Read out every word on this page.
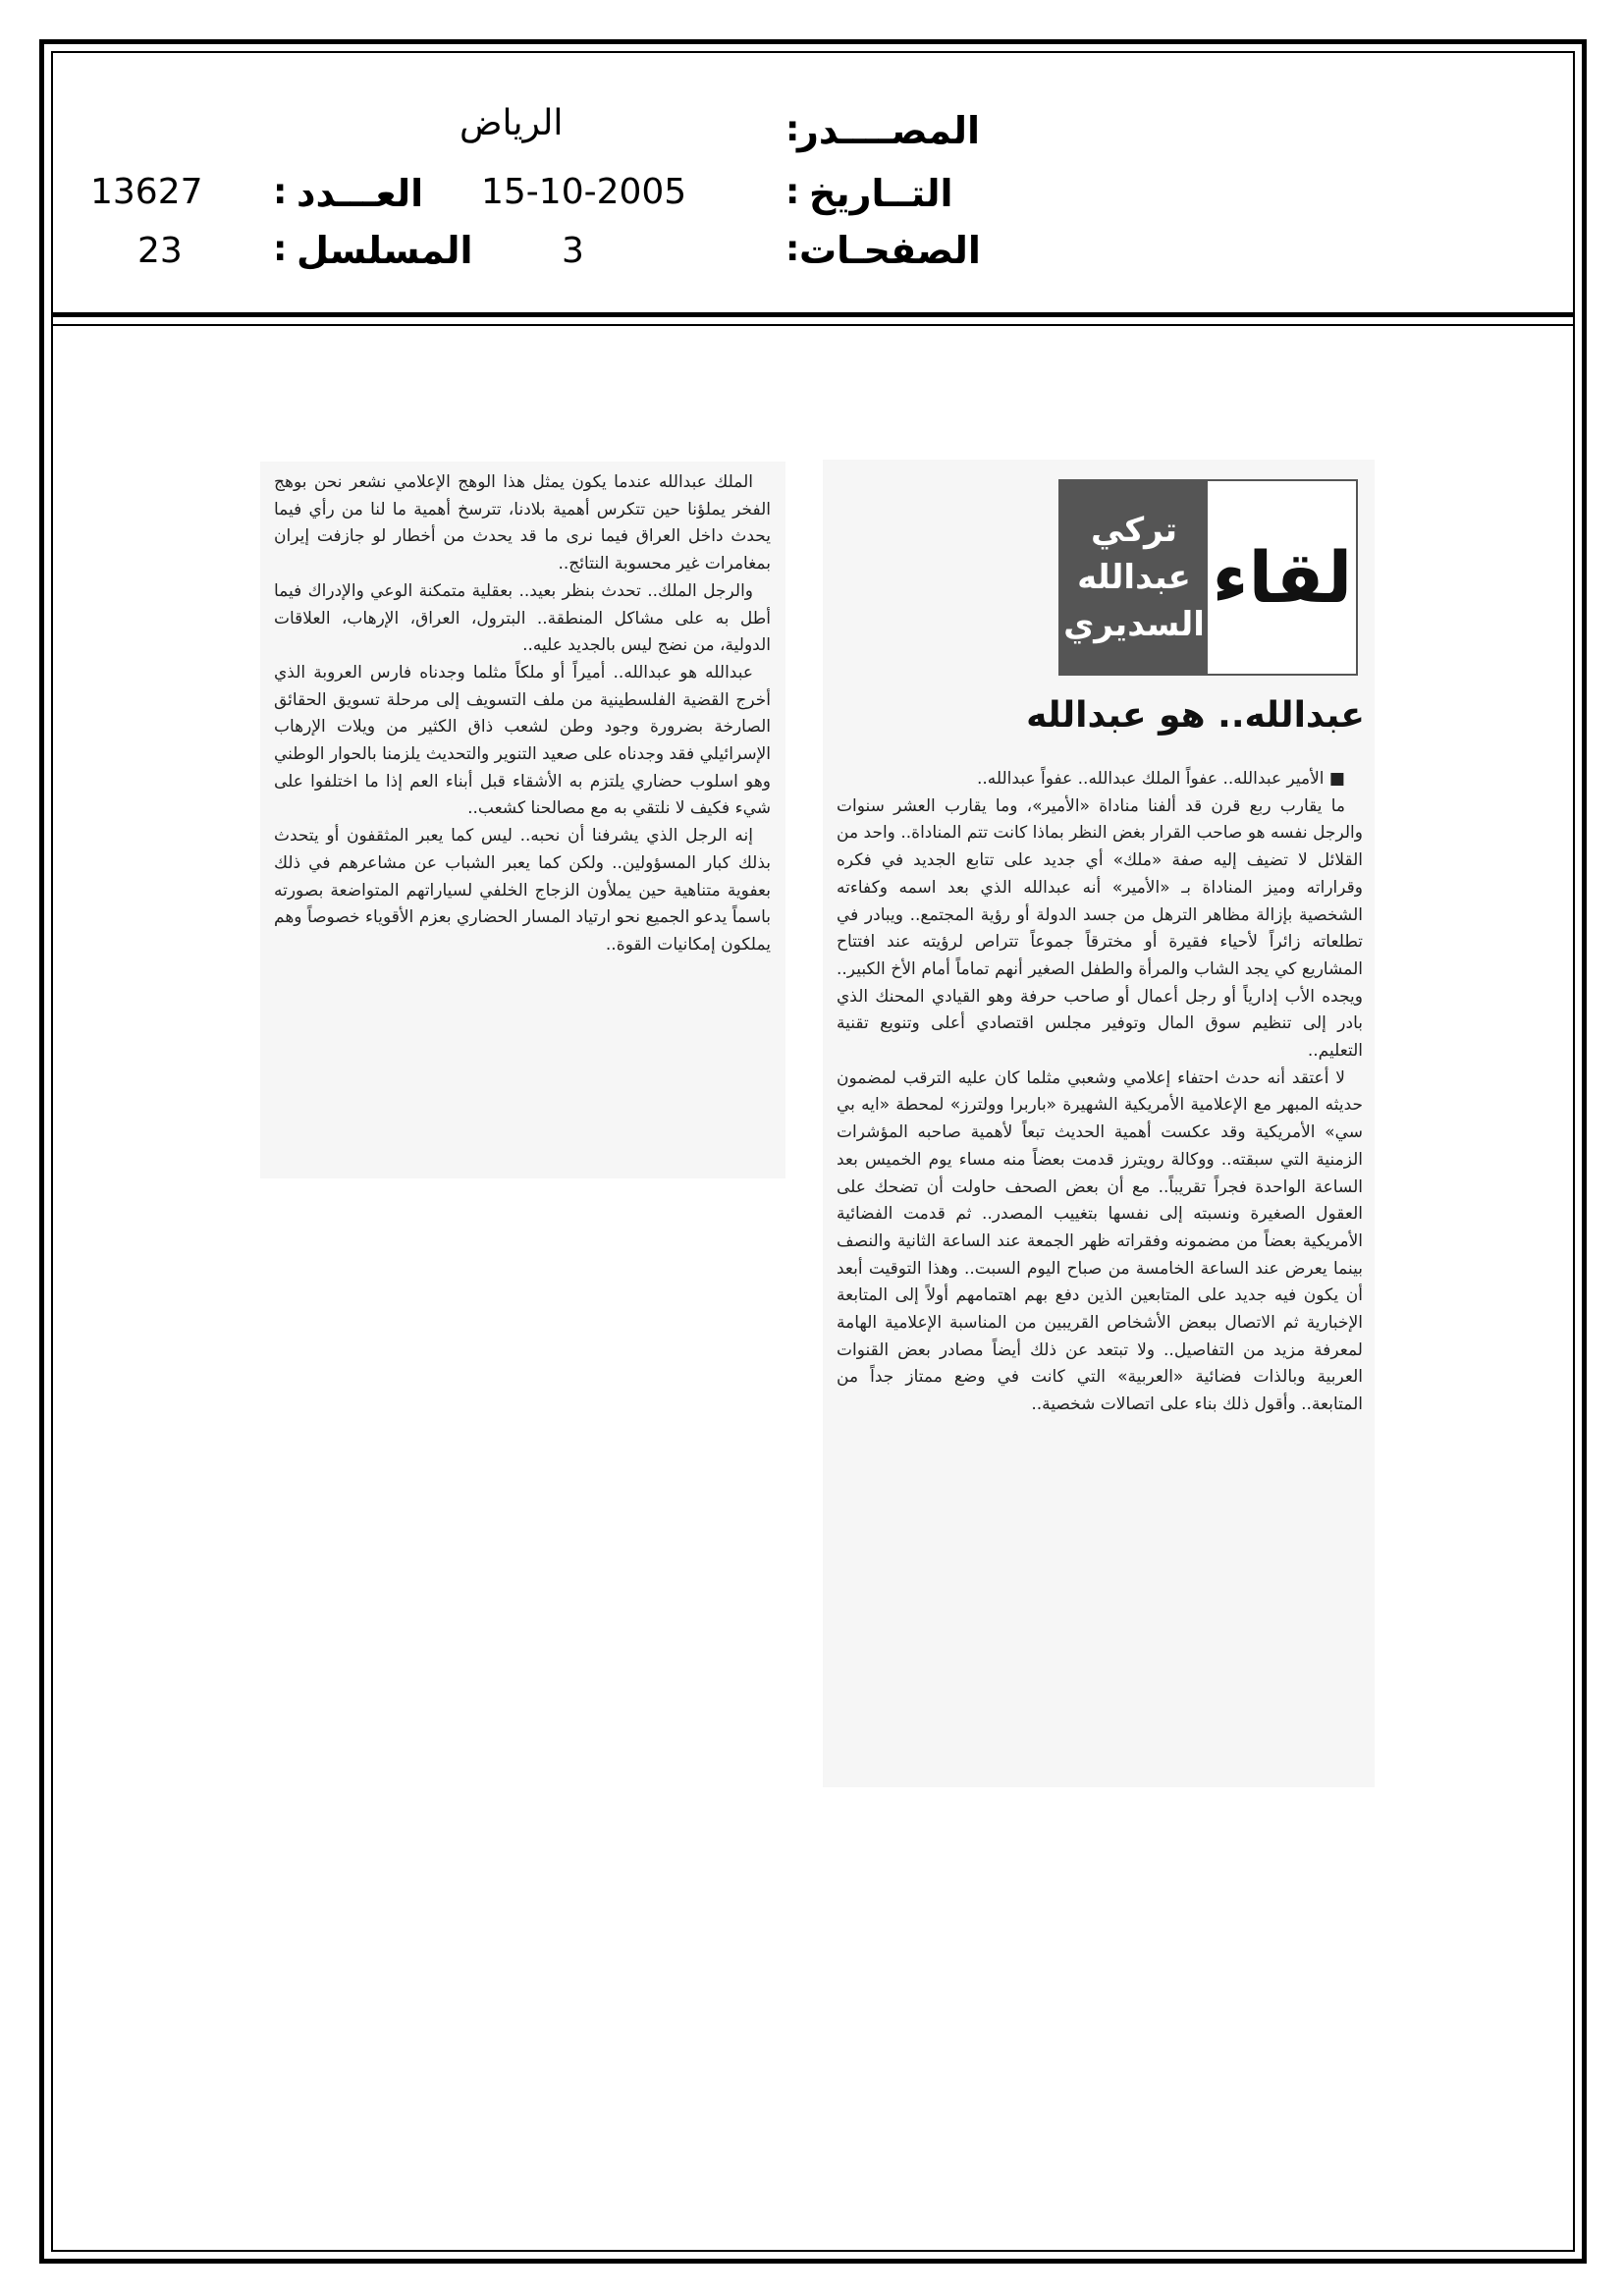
المصــــدر
:
الرياض
التــاريخ
:
15-10-2005
العـــدد
:
13627
الصفحـات
:
3
المسلسل
:
23

الملك عبدالله عندما يكون يمثل هذا الوهج الإعلامي نشعر نحن بوهج الفخر يملؤنا حين تتكرس أهمية بلادنا، تترسخ أهمية ما لنا من رأي فيما يحدث داخل العراق فيما نرى ما قد يحدث من أخطار لو جازفت إيران بمغامرات غير محسوبة النتائج..

والرجل الملك.. تحدث بنظر بعيد.. بعقلية متمكنة الوعي والإدراك فيما أطل به على مشاكل المنطقة.. البترول، العراق، الإرهاب، العلاقات الدولية، من نضج ليس بالجديد عليه..

عبدالله هو عبدالله.. أميراً أو ملكاً مثلما وجدناه فارس العروبة الذي أخرج القضية الفلسطينية من ملف التسويف إلى مرحلة تسويق الحقائق الصارخة بضرورة وجود وطن لشعب ذاق الكثير من ويلات الإرهاب الإسرائيلي فقد وجدناه على صعيد التنوير والتحديث يلزمنا بالحوار الوطني وهو اسلوب حضاري يلتزم به الأشقاء قبل أبناء العم إذا ما اختلفوا على شيء فكيف لا نلتقي به مع مصالحنا كشعب..

إنه الرجل الذي يشرفنا أن نحبه.. ليس كما يعبر المثقفون أو يتحدث بذلك كبار المسؤولين.. ولكن كما يعبر الشباب عن مشاعرهم في ذلك بعفوية متناهية حين يملأون الزجاج الخلفي لسياراتهم المتواضعة بصورته باسماً يدعو الجميع نحو ارتياد المسار الحضاري بعزم الأقوياء خصوصاً وهم يملكون إمكانيات القوة..

لقاء
تركي
عبدالله
السديري
عبدالله.. هو عبدالله

■ الأمير عبدالله.. عفواً الملك عبدالله.. عفواً عبدالله..

ما يقارب ربع قرن قد ألفنا مناداة «الأمير»، وما يقارب العشر سنوات والرجل نفسه هو صاحب القرار بغض النظر بماذا كانت تتم المناداة.. واحد من القلائل لا تضيف إليه صفة «ملك» أي جديد على تتابع الجديد في فكره وقراراته وميز المناداة بـ «الأمير» أنه عبدالله الذي بعد اسمه وكفاءته الشخصية بإزالة مظاهر الترهل من جسد الدولة أو رؤية المجتمع.. ويبادر في تطلعاته زائراً لأحياء فقيرة أو مخترقاً جموعاً تتراص لرؤيته عند افتتاح المشاريع كي يجد الشاب والمرأة والطفل الصغير أنهم تماماً أمام الأخ الكبير.. ويجده الأب إدارياً أو رجل أعمال أو صاحب حرفة وهو القيادي المحنك الذي بادر إلى تنظيم سوق المال وتوفير مجلس اقتصادي أعلى وتنويع تقنية التعليم..

لا أعتقد أنه حدث احتفاء إعلامي وشعبي مثلما كان عليه الترقب لمضمون حديثه المبهر مع الإعلامية الأمريكية الشهيرة «باربرا وولترز» لمحطة «ايه بي سي» الأمريكية وقد عكست أهمية الحديث تبعاً لأهمية صاحبه المؤشرات الزمنية التي سبقته.. ووكالة رويترز قدمت بعضاً منه مساء يوم الخميس بعد الساعة الواحدة فجراً تقريباً.. مع أن بعض الصحف حاولت أن تضحك على العقول الصغيرة ونسبته إلى نفسها بتغييب المصدر.. ثم قدمت الفضائية الأمريكية بعضاً من مضمونه وفقراته ظهر الجمعة عند الساعة الثانية والنصف بينما يعرض عند الساعة الخامسة من صباح اليوم السبت.. وهذا التوقيت أبعد أن يكون فيه جديد على المتابعين الذين دفع بهم اهتمامهم أولاً إلى المتابعة الإخبارية ثم الاتصال ببعض الأشخاص القريبين من المناسبة الإعلامية الهامة لمعرفة مزيد من التفاصيل.. ولا تبتعد عن ذلك أيضاً مصادر بعض القنوات العربية وبالذات فضائية «العربية» التي كانت في وضع ممتاز جداً من المتابعة.. وأقول ذلك بناء على اتصالات شخصية..
